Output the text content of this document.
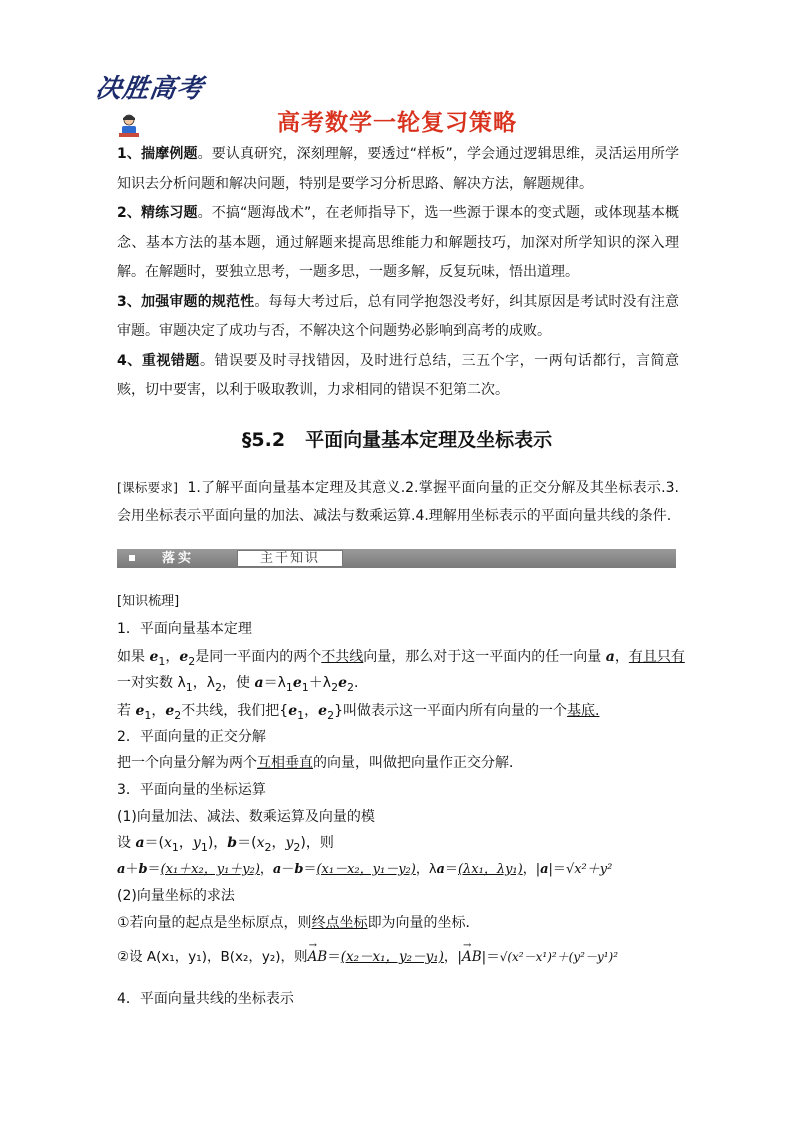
决胜高考
高考数学一轮复习策略

1、揣摩例题。要认真研究，深刻理解，要透过“样板”，学会通过逻辑思维，灵活运用所学知识去分析问题和解决问题，特别是要学习分析思路、解决方法，解题规律。

2、精练习题。不搞“题海战术”，在老师指导下，选一些源于课本的变式题，或体现基本概念、基本方法的基本题，通过解题来提高思维能力和解题技巧，加深对所学知识的深入理解。在解题时，要独立思考，一题多思，一题多解，反复玩味，悟出道理。

3、加强审题的规范性。每每大考过后，总有同学抱怨没考好，纠其原因是考试时没有注意审题。审题决定了成功与否，不解决这个问题势必影响到高考的成败。

4、重视错题。错误要及时寻找错因，及时进行总结，三五个字，一两句话都行，言简意赅，切中要害，以利于吸取教训，力求相同的错误不犯第二次。

§5.2 平面向量基本定理及坐标表示

[课标要求] 1.了解平面向量基本定理及其意义.2.掌握平面向量的正交分解及其坐标表示.3.会用坐标表示平面向量的加法、减法与数乘运算.4.理解用坐标表示的平面向量共线的条件.

落实	主干知识
[知识梳理]
1．平面向量基本定理
如果 $e_1$，$e_2$是同一平面内的两个不共线向量，那么对于这一平面内的任一向量 a，有且只有
一对实数 $\lambda_1$，$\lambda_2$，使 $a=\lambda_1e_1+\lambda_2e_2$.
若 $e_1$，$e_2$不共线，我们把{$e_1$，$e_2$}叫做表示这一平面内所有向量的一个基底.
2．平面向量的正交分解
把一个向量分解为两个互相垂直的向量，叫做把向量作正交分解．
3．平面向量的坐标运算
(1)向量加法、减法、数乘运算及向量的模
设 $a=(x_1$，$y_1$)，$b=(x_2$，$y_2$)，则
a＋b＝(x₁＋x₂，y₁＋y₂)，a－b＝(x₁－x₂，y₁－y₂)，λa＝(λx₁，λy₁)，|a|＝√x²＋y²
(2)向量坐标的求法
①若向量的起点是坐标原点，则终点坐标即为向量的坐标．
②设 A(x₁，y₁)，B(x₂，y₂)，则
→
AB＝(x₂－x₁，y₂－y₁)，|
→
AB|＝√(x²－x¹)²＋(y²－y¹)²
4．平面向量共线的坐标表示
